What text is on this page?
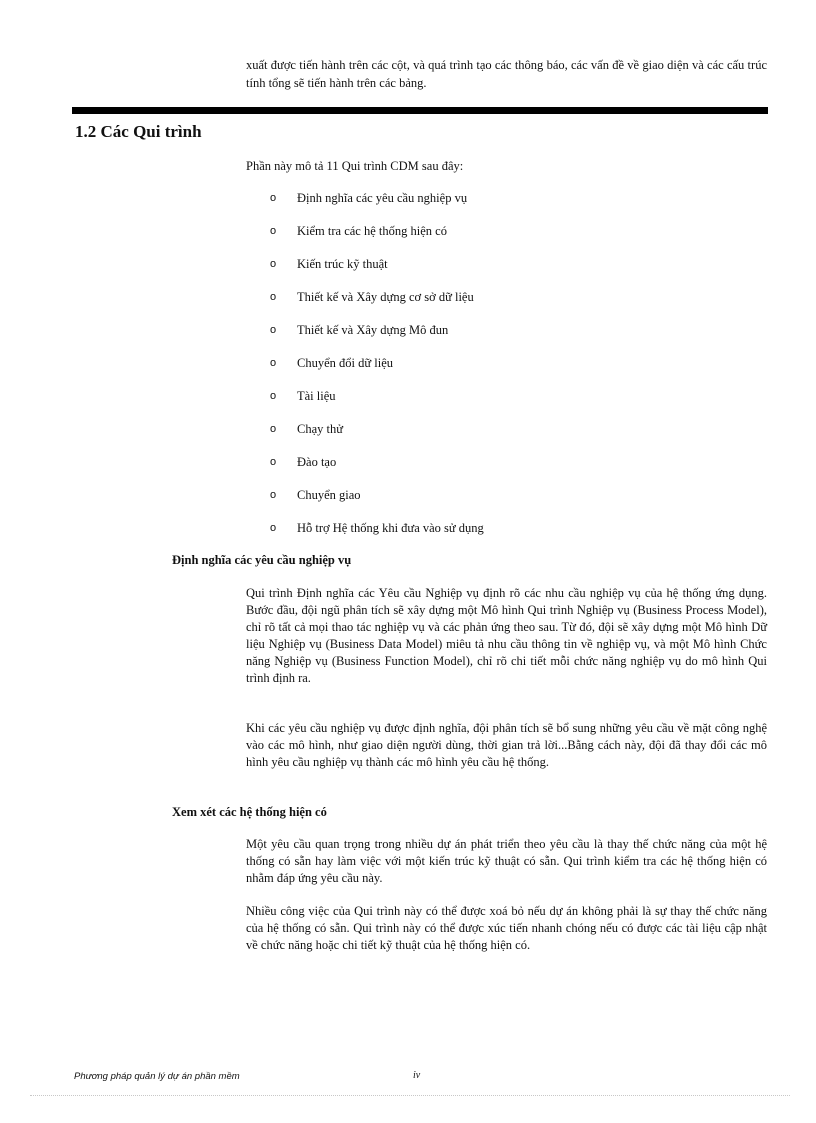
xuất được tiến hành trên các cột, và quá trình tạo các thông báo, các vấn đề về giao diện và các cấu trúc tính tổng sẽ tiến hành trên các bảng.

1.2 Các Qui trình

Phần này mô tả 11 Qui trình CDM sau đây:

o Định nghĩa các yêu cầu nghiệp vụ
o Kiểm tra các hệ thống hiện có
o Kiến trúc kỹ thuật
o Thiết kế và Xây dựng cơ sở dữ liệu
o Thiết kế và Xây dựng Mô đun
o Chuyển đổi dữ liệu
o Tài liệu
o Chạy thử
o Đào tạo
o Chuyển giao
o Hỗ trợ Hệ thống khi đưa vào sử dụng
Định nghĩa các yêu cầu nghiệp vụ

Qui trình Định nghĩa các Yêu cầu Nghiệp vụ định rõ các nhu cầu nghiệp vụ của hệ thống ứng dụng. Bước đầu, đội ngũ phân tích sẽ xây dựng một Mô hình Qui trình Nghiệp vụ (Business Process Model), chỉ rõ tất cả mọi thao tác nghiệp vụ và các phản ứng theo sau. Từ đó, đội sẽ xây dựng một Mô hình Dữ liệu Nghiệp vụ (Business Data Model) miêu tả nhu cầu thông tin về nghiệp vụ, và một Mô hình Chức năng Nghiệp vụ (Business Function Model), chỉ rõ chi tiết mỗi chức năng nghiệp vụ do mô hình Qui trình định ra.

Khi các yêu cầu nghiệp vụ được định nghĩa, đội phân tích sẽ bổ sung những yêu cầu về mặt công nghệ vào các mô hình, như giao diện người dùng, thời gian trả lời...Bằng cách này, đội đã thay đổi các mô hình yêu cầu nghiệp vụ thành các mô hình yêu cầu hệ thống.

Xem xét các hệ thống hiện có

Một yêu cầu quan trọng trong nhiều dự án phát triển theo yêu cầu là thay thế chức năng của một hệ thống có sẵn hay làm việc với một kiến trúc kỹ thuật có sẵn. Qui trình kiểm tra các hệ thống hiện có nhằm đáp ứng yêu cầu này.

Nhiều công việc của Qui trình này có thể được xoá bỏ nếu dự án không phải là sự thay thế chức năng của hệ thống có sẵn. Qui trình này có thể được xúc tiến nhanh chóng nếu có được các tài liệu cập nhật về chức năng hoặc chi tiết kỹ thuật của hệ thống hiện có.

Phương pháp quản lý dự án phần mềm	iv
